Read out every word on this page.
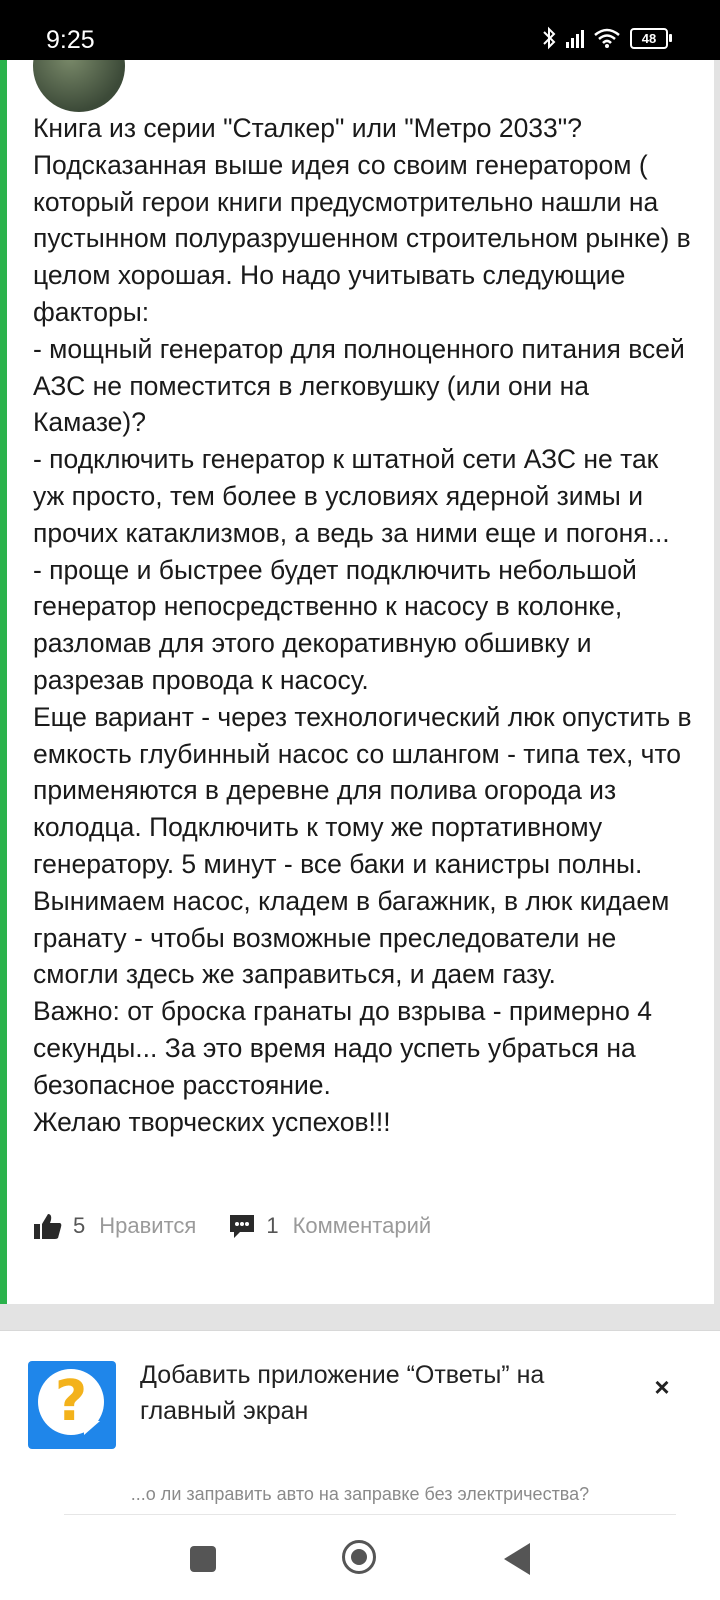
9:25	48

Книга из серии "Сталкер" или "Метро 2033"?

Подсказанная выше идея со своим генератором ( который герои книги предусмотрительно нашли на пустынном полуразрушенном строительном рынке) в целом хорошая. Но надо учитывать следующие факторы:

- мощный генератор для полноценного питания всей АЗС не поместится в легковушку (или они на Камазе)?

- подключить генератор к штатной сети АЗС не так уж просто, тем более в условиях ядерной зимы и прочих катаклизмов, а ведь за ними еще и погоня...

- проще и быстрее будет подключить небольшой генератор непосредственно к насосу в колонке, разломав для этого декоративную обшивку и разрезав провода к насосу.

Еще вариант - через технологический люк опустить в емкость глубинный насос со шлангом - типа тех, что применяются в деревне для полива огорода из колодца. Подключить к тому же портативному генератору. 5 минут - все баки и канистры полны. Вынимаем насос, кладем в багажник, в люк кидаем гранату - чтобы возможные преследователи не смогли здесь же заправиться, и даем газу.

Важно: от броска гранаты до взрыва - примерно 4 секунды... За это время надо успеть убраться на безопасное расстояние.

Желаю творческих успехов!!!

5 Нравится	1 Комментарий
?	Добавить приложение “Ответы” на главный экран
×
...о ли заправить авто на заправке без электричества?
